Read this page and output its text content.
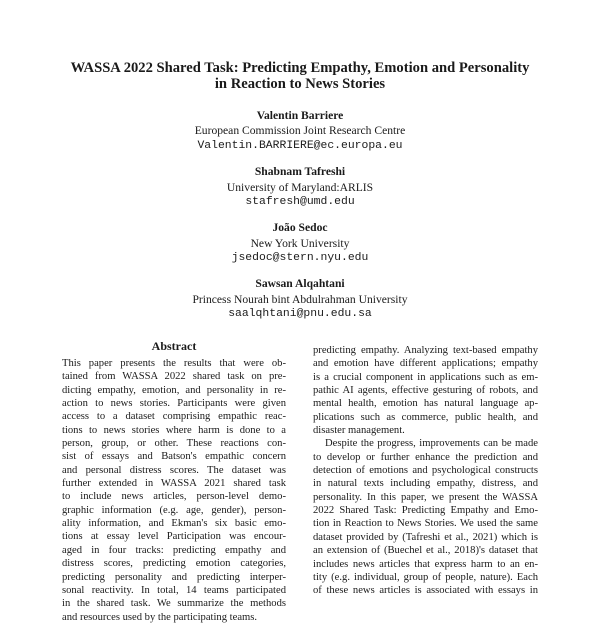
WASSA 2022 Shared Task: Predicting Empathy, Emotion and Personality
in Reaction to News Stories
Valentin Barriere
European Commission Joint Research Centre
Valentin.BARRIERE@ec.europa.eu
Shabnam Tafreshi
University of Maryland:ARLIS
stafresh@umd.edu
João Sedoc
New York University
jsedoc@stern.nyu.edu
Sawsan Alqahtani
Princess Nourah bint Abdulrahman University
saalqhtani@pnu.edu.sa
Abstract
This paper presents the results that were ob-
tained from WASSA 2022 shared task on pre-
dicting empathy, emotion, and personality in re-
action to news stories. Participants were given
access to a dataset comprising empathic reac-
tions to news stories where harm is done to a
person, group, or other. These reactions con-
sist of essays and Batson's empathic concern
and personal distress scores. The dataset was
further extended in WASSA 2021 shared task
to include news articles, person-level demo-
graphic information (e.g. age, gender), person-
ality information, and Ekman's six basic emo-
tions at essay level Participation was encour-
aged in four tracks: predicting empathy and
distress scores, predicting emotion categories,
predicting personality and predicting interper-
sonal reactivity. In total, 14 teams participated
in the shared task. We summarize the methods
and resources used by the participating teams.
predicting empathy. Analyzing text-based empathy
and emotion have different applications; empathy
is a crucial component in applications such as em-
pathic AI agents, effective gesturing of robots, and
mental health, emotion has natural language ap-
plications such as commerce, public health, and
disaster management.
Despite the progress, improvements can be made
to develop or further enhance the prediction and
detection of emotions and psychological constructs
in natural texts including empathy, distress, and
personality. In this paper, we present the WASSA
2022 Shared Task: Predicting Empathy and Emo-
tion in Reaction to News Stories. We used the same
dataset provided by (Tafreshi et al., 2021) which is
an extension of (Buechel et al., 2018)'s dataset that
includes news articles that express harm to an en-
tity (e.g. individual, group of people, nature). Each
of these news articles is associated with essays in
